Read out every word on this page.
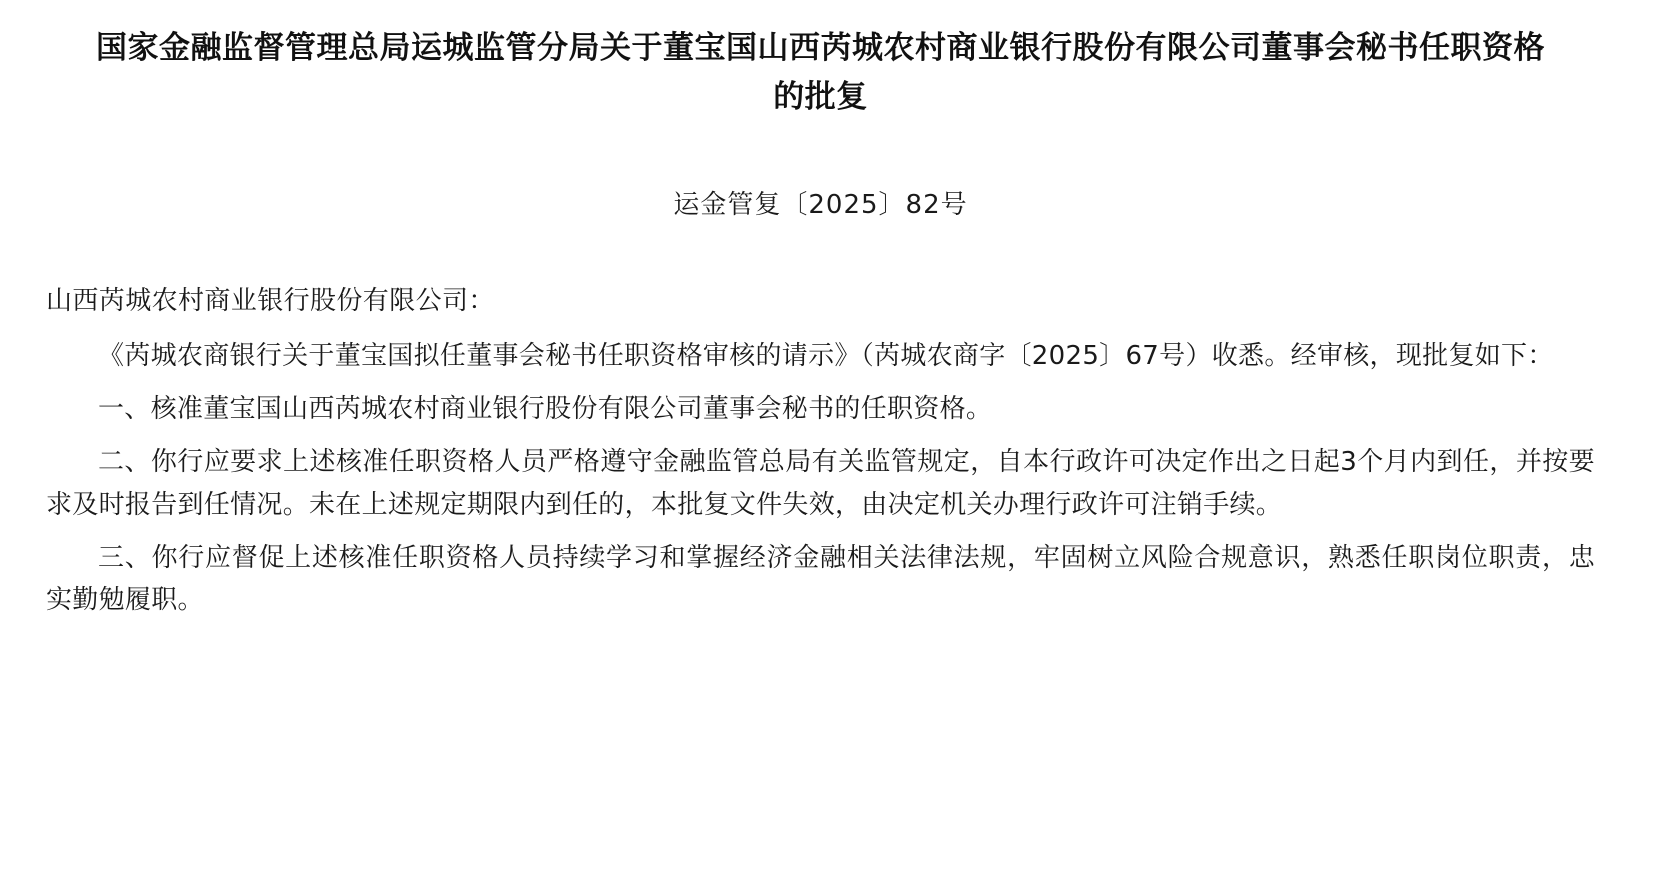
国家金融监督管理总局运城监管分局关于董宝国山西芮城农村商业银行股份有限公司董事会秘书任职资格的批复
运金管复〔2025〕82号
山西芮城农村商业银行股份有限公司：

《芮城农商银行关于董宝国拟任董事会秘书任职资格审核的请示》（芮城农商字〔2025〕67号）收悉。经审核，现批复如下：

一、核准董宝国山西芮城农村商业银行股份有限公司董事会秘书的任职资格。

二、你行应要求上述核准任职资格人员严格遵守金融监管总局有关监管规定，自本行政许可决定作出之日起3个月内到任，并按要求及时报告到任情况。未在上述规定期限内到任的，本批复文件失效，由决定机关办理行政许可注销手续。

三、你行应督促上述核准任职资格人员持续学习和掌握经济金融相关法律法规，牢固树立风险合规意识，熟悉任职岗位职责，忠实勤勉履职。
